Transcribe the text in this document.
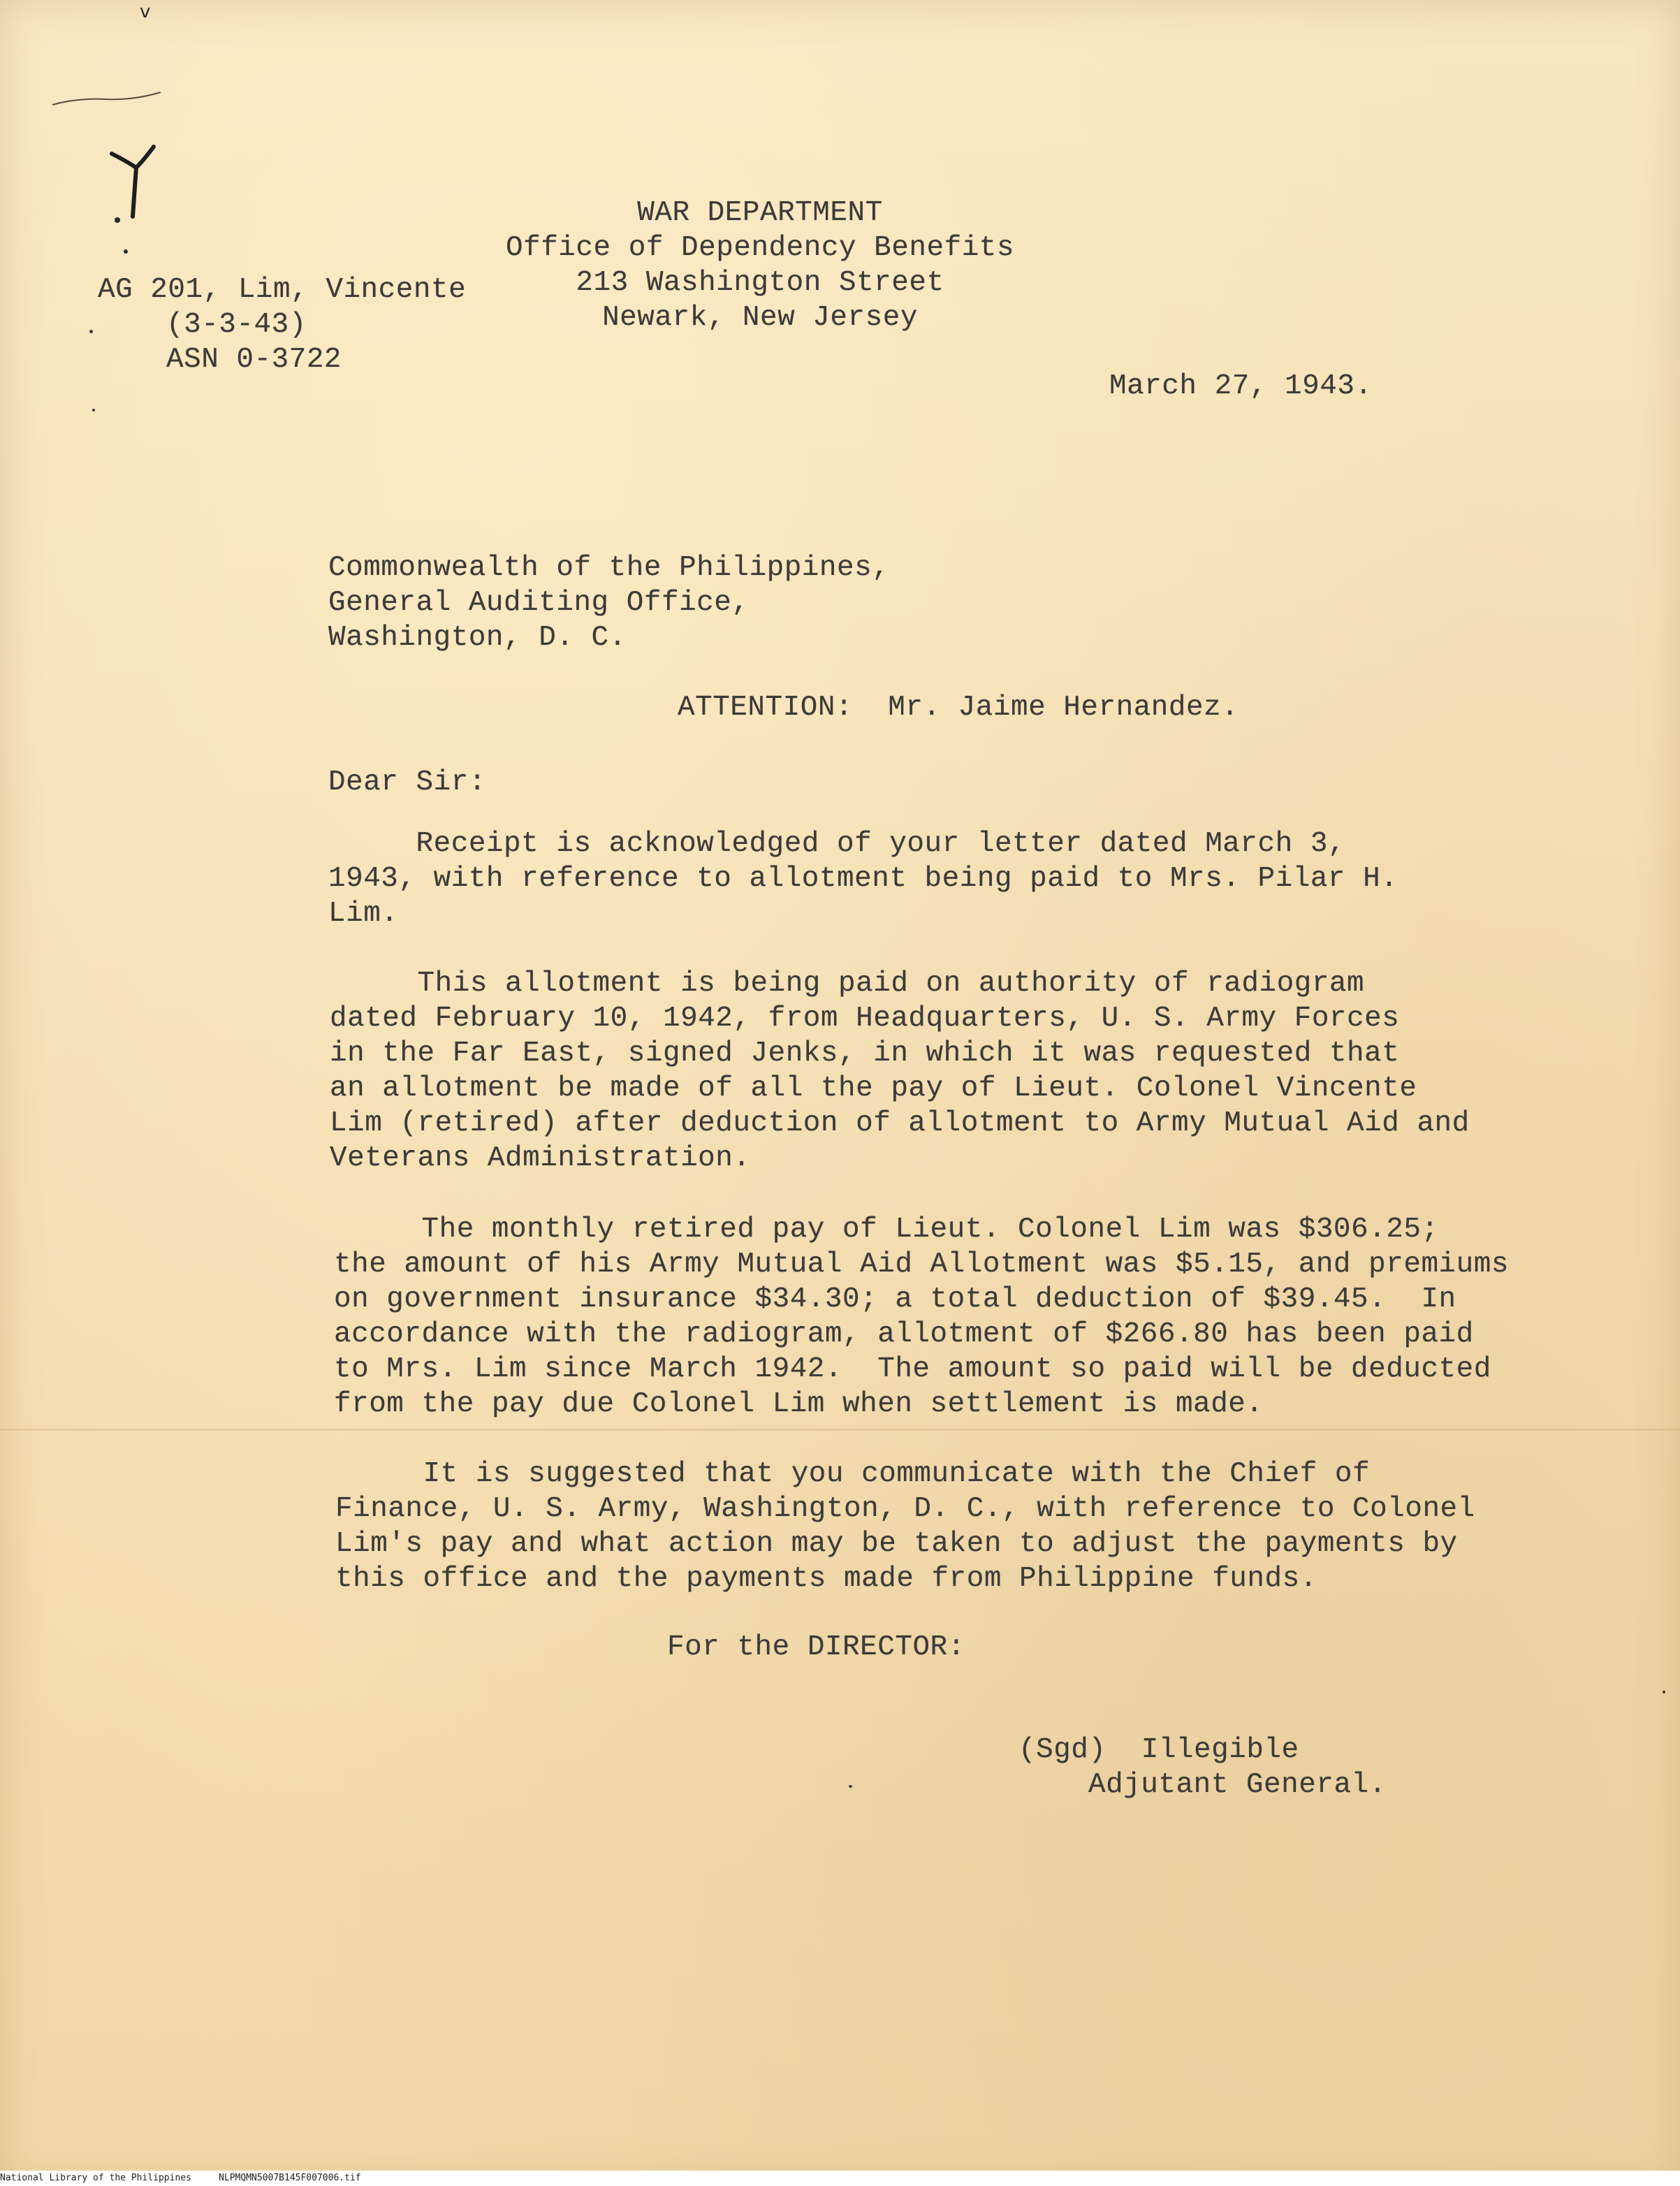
v
AG 201, Lim, Vincente
(3-3-43)
ASN 0-3722
WAR DEPARTMENT
Office of Dependency Benefits
213 Washington Street
Newark, New Jersey
March 27, 1943.
Commonwealth of the Philippines,
General Auditing Office,
Washington, D. C.
ATTENTION:  Mr. Jaime Hernandez.
Dear Sir:
Receipt is acknowledged of your letter dated March 3,
1943, with reference to allotment being paid to Mrs. Pilar H.
Lim.
This allotment is being paid on authority of radiogram
dated February 10, 1942, from Headquarters, U. S. Army Forces
in the Far East, signed Jenks, in which it was requested that
an allotment be made of all the pay of Lieut. Colonel Vincente
Lim (retired) after deduction of allotment to Army Mutual Aid and
Veterans Administration.
The monthly retired pay of Lieut. Colonel Lim was $306.25;
the amount of his Army Mutual Aid Allotment was $5.15, and premiums
on government insurance $34.30; a total deduction of $39.45.  In
accordance with the radiogram, allotment of $266.80 has been paid
to Mrs. Lim since March 1942.  The amount so paid will be deducted
from the pay due Colonel Lim when settlement is made.
It is suggested that you communicate with the Chief of
Finance, U. S. Army, Washington, D. C., with reference to Colonel
Lim's pay and what action may be taken to adjust the payments by
this office and the payments made from Philippine funds.
For the DIRECTOR:
(Sgd)  Illegible
Adjutant General.
National Library of the Philippines	NLPMQMN5007B145F007006.tif
